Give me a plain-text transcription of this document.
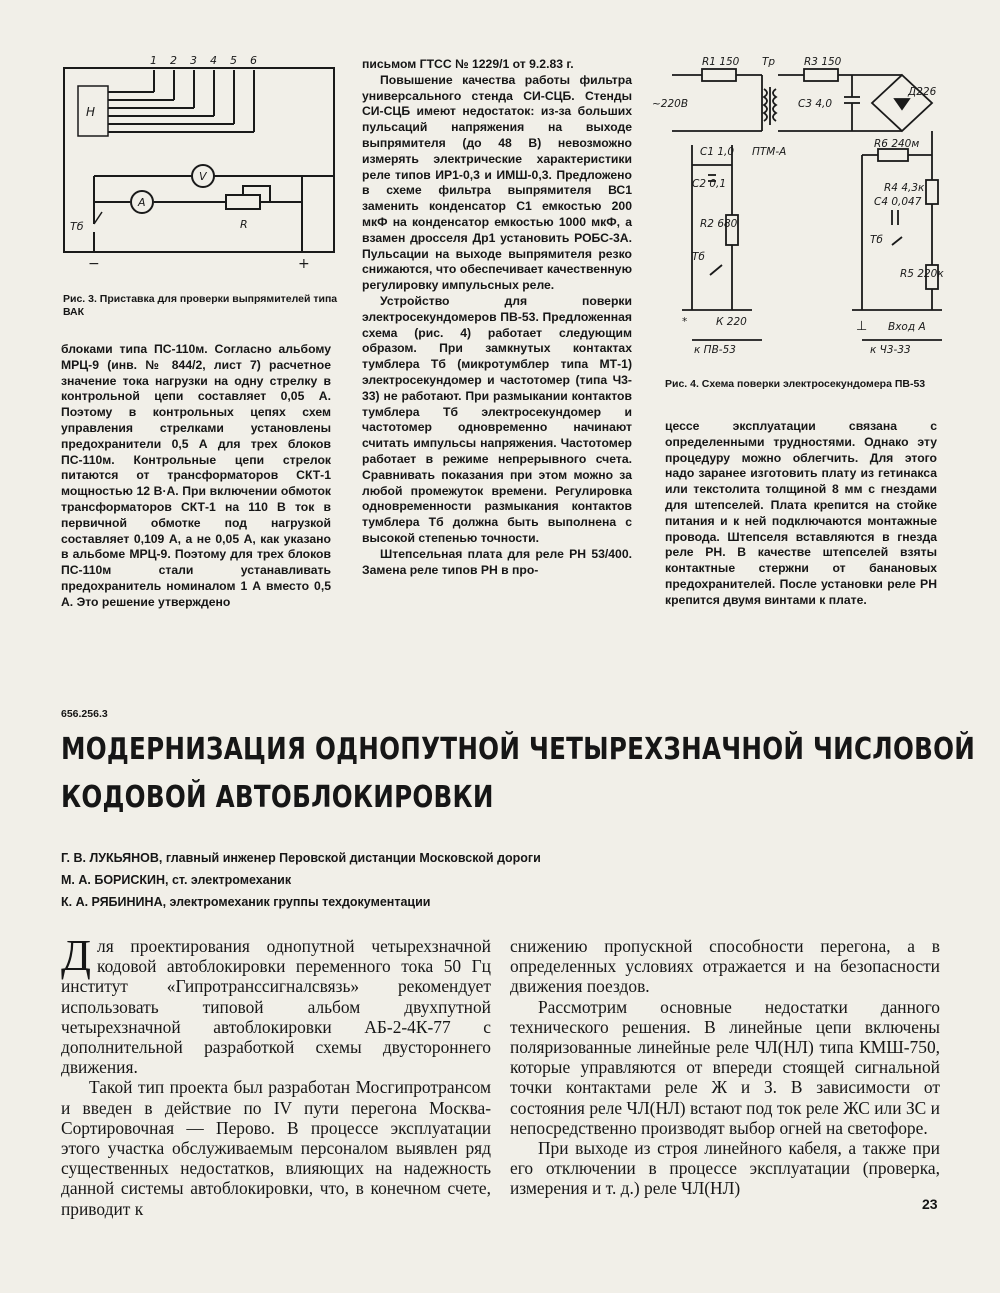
1 2 3 4 5 6
Н
V
A
R
Тб
−	+
Рис. 3. Приставка для проверки выпрямителей типа ВАК
R1 150 Тр	R3 150
~220В	С3 4,0
Д226
С1 1,0 ПТМ-А
R6 240м
С2 0,1	R4 4,3к
С4 0,047
R2 680
Тб
Тб
R5 220к
*	К 220	⊥ Вход А
к ПВ-53	к Ч3-33
Рис. 4. Схема поверки электросекундомера ПВ-53

блоками типа ПС-110м. Согласно альбому МРЦ-9 (инв. № 844/2, лист 7) расчетное значение тока нагрузки на одну стрелку в контрольной цепи составляет 0,05 А. Поэтому в контрольных цепях схем управления стрелками установлены предохранители 0,5 А для трех блоков ПС-110м. Контрольные цепи стрелок питаются от трансформаторов СКТ-1 мощностью 12 В·А. При включении обмоток трансформаторов СКТ-1 на 110 В ток в первичной обмотке под нагрузкой составляет 0,109 А, а не 0,05 А, как указано в альбоме МРЦ-9. Поэтому для трех блоков ПС-110м стали устанавливать предохранитель номиналом 1 А вместо 0,5 А. Это решение утверждено

письмом ГТСС № 1229/1 от 9.2.83 г.

Повышение качества работы фильтра универсального стенда СИ-СЦБ. Стенды СИ-СЦБ имеют недостаток: из-за больших пульсаций напряжения на выходе выпрямителя (до 48 В) невозможно измерять электрические характеристики реле типов ИР1-0,3 и ИМШ-0,3. Предложено в схеме фильтра выпрямителя ВС1 заменить конденсатор С1 емкостью 200 мкФ на конденсатор емкостью 1000 мкФ, а взамен дросселя Др1 установить РОБС-3А. Пульсации на выходе выпрямителя резко снижаются, что обеспечивает качественную регулировку импульсных реле.

Устройство для поверки электросекундомеров ПВ-53. Предложенная схема (рис. 4) работает следующим образом. При замкнутых контактах тумблера Тб (микротумблер типа МТ-1) электросекундомер и частотомер (типа Ч3-33) не работают. При размыкании контактов тумблера Тб электросекундомер и частотомер одновременно начинают считать импульсы напряжения. Частотомер работает в режиме непрерывного счета. Сравнивать показания при этом можно за любой промежуток времени. Регулировка одновременности размыкания контактов тумблера Тб должна быть выполнена с высокой степенью точности.

Штепсельная плата для реле РН 53/400. Замена реле типов РН в про-

цессе эксплуатации связана с определенными трудностями. Однако эту процедуру можно облегчить. Для этого надо заранее изготовить плату из гетинакса или текстолита толщиной 8 мм с гнездами для штепселей. Плата крепится на стойке питания и к ней подключаются монтажные провода. Штепселя вставляются в гнезда реле РН. В качестве штепселей взяты контактные стержни от банановых предохранителей. После установки реле РН крепится двумя винтами к плате.

656.256.3
МОДЕРНИЗАЦИЯ ОДНОПУТНОЙ ЧЕТЫРЕХЗНАЧНОЙ ЧИСЛОВОЙ
КОДОВОЙ АВТОБЛОКИРОВКИ
Г. В. ЛУКЬЯНОВ, главный инженер Перовской дистанции Московской дороги
М. А. БОРИСКИН, ст. электромеханик
К. А. РЯБИНИНА, электромеханик группы техдокументации

Для проектирования однопутной четырехзначной кодовой автоблокировки переменного тока 50 Гц институт «Гипротранссигналсвязь» рекомендует использовать типовой альбом двухпутной четырехзначной автоблокировки АБ-2-4К-77 с дополнительной разработкой схемы двустороннего движения.

Такой тип проекта был разработан Мосгипротрансом и введен в действие по IV пути перегона Москва-Сортировочная — Перово. В процессе эксплуатации этого участка обслуживаемым персоналом выявлен ряд существенных недостатков, влияющих на надежность данной системы автоблокировки, что, в конечном счете, приводит к

снижению пропускной способности перегона, а в определенных условиях отражается и на безопасности движения поездов.

Рассмотрим основные недостатки данного технического решения. В линейные цепи включены поляризованные линейные реле ЧЛ(НЛ) типа КМШ-750, которые управляются от впереди стоящей сигнальной точки контактами реле Ж и З. В зависимости от состояния реле ЧЛ(НЛ) встают под ток реле ЖС или ЗС и непосредственно производят выбор огней на светофоре.

При выходе из строя линейного кабеля, а также при его отключении в процессе эксплуатации (проверка, измерения и т. д.) реле ЧЛ(НЛ)

23
